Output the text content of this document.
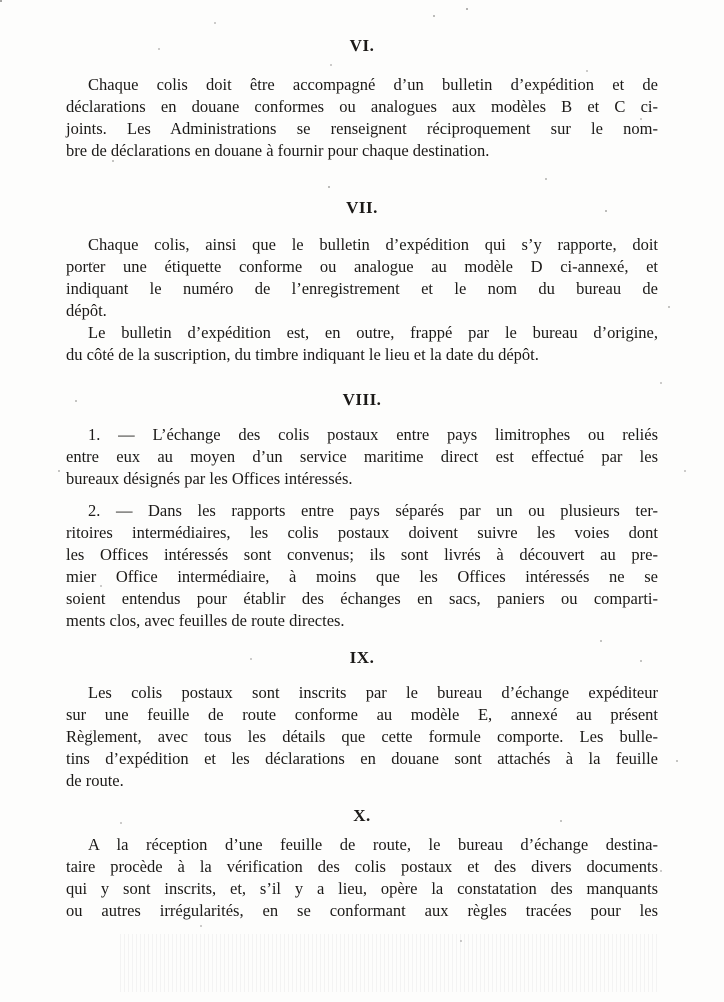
VI.

Chaque colis doit être accompagné d’un bulletin d’expédition et de
déclarations en douane conformes ou analogues aux modèles B et C ci-
joints. Les Administrations se renseignent réciproquement sur le nom-
bre de déclarations en douane à fournir pour chaque destination.

VII.

Chaque colis, ainsi que le bulletin d’expédition qui s’y rapporte, doit
porter une étiquette conforme ou analogue au modèle D ci-annexé, et
indiquant le numéro de l’enregistrement et le nom du bureau de
dépôt.

Le bulletin d’expédition est, en outre, frappé par le bureau d’origine,
du côté de la suscription, du timbre indiquant le lieu et la date du dépôt.

VIII.

1. — L’échange des colis postaux entre pays limitrophes ou reliés
entre eux au moyen d’un service maritime direct est effectué par les
bureaux désignés par les Offices intéressés.

2. — Dans les rapports entre pays séparés par un ou plusieurs ter-
ritoires intermédiaires, les colis postaux doivent suivre les voies dont
les Offices intéressés sont convenus; ils sont livrés à découvert au pre-
mier Office intermédiaire, à moins que les Offices intéressés ne se
soient entendus pour établir des échanges en sacs, paniers ou comparti-
ments clos, avec feuilles de route directes.

IX.

Les colis postaux sont inscrits par le bureau d’échange expéditeur
sur une feuille de route conforme au modèle E, annexé au présent
Règlement, avec tous les détails que cette formule comporte. Les bulle-
tins d’expédition et les déclarations en douane sont attachés à la feuille
de route.

X.

A la réception d’une feuille de route, le bureau d’échange destina-
taire procède à la vérification des colis postaux et des divers documents
qui y sont inscrits, et, s’il y a lieu, opère la constatation des manquants
ou autres irrégularités, en se conformant aux règles tracées pour les
